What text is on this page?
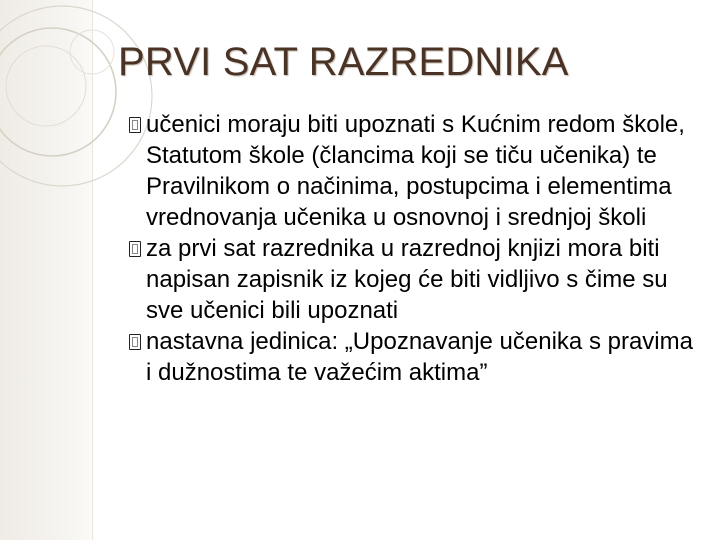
PRVI SAT RAZREDNIKA
učenici moraju biti upoznati s Kućnim redom škole, Statutom škole (člancima koji se tiču učenika) te Pravilnikom o načinima, postupcima i elementima vrednovanja učenika u osnovnoj i srednjoj školi
za prvi sat razrednika u razrednoj knjizi mora biti napisan zapisnik iz kojeg će biti vidljivo s čime su sve učenici bili upoznati
nastavna jedinica: „Upoznavanje učenika s pravima i dužnostima te važećim aktima”
